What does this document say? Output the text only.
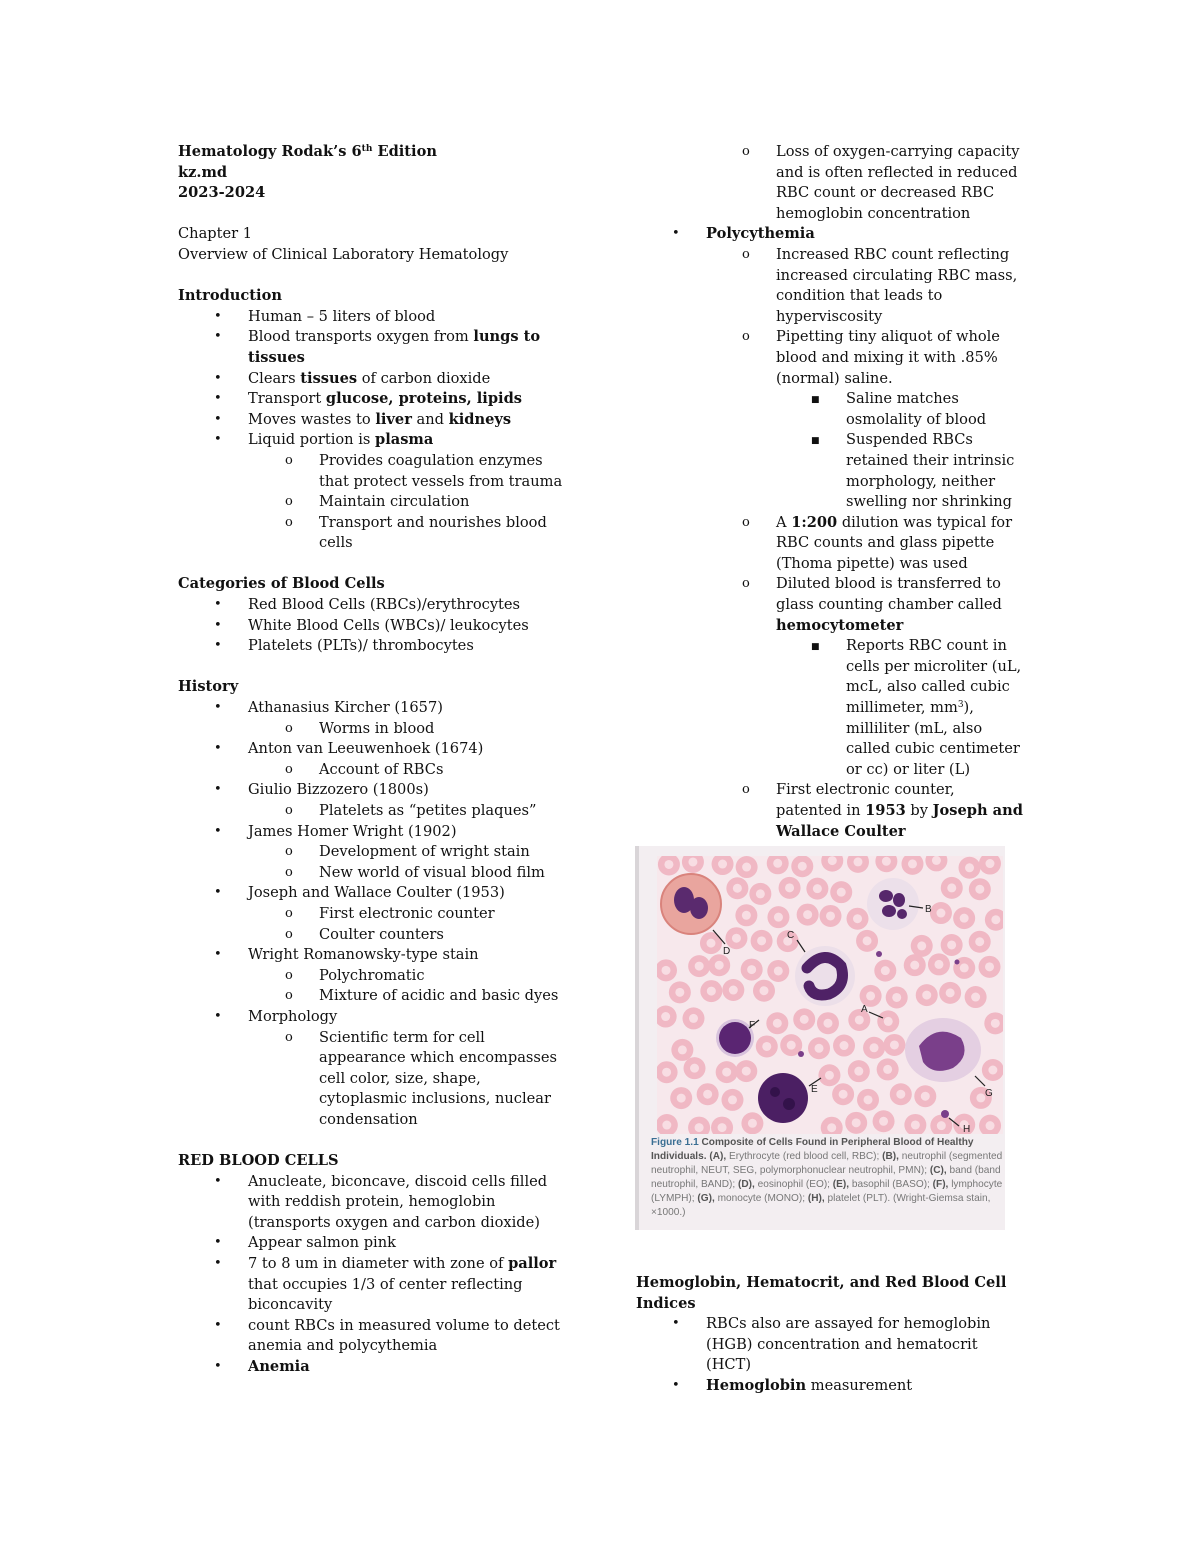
Hematology Rodak’s 6th Edition
kz.md
2023-2024
Chapter 1
Overview of Clinical Laboratory Hematology
Introduction
• Human – 5 liters of blood
• Blood transports oxygen from lungs to
tissues
• Clears tissues of carbon dioxide
• Transport glucose, proteins, lipids
• Moves wastes to liver and kidneys
• Liquid portion is plasma
o Provides coagulation enzymes
that protect vessels from trauma
o Maintain circulation
o Transport and nourishes blood
cells
Categories of Blood Cells
• Red Blood Cells (RBCs)/erythrocytes
• White Blood Cells (WBCs)/ leukocytes
• Platelets (PLTs)/ thrombocytes
History
• Athanasius Kircher (1657)
o Worms in blood
• Anton van Leeuwenhoek (1674)
o Account of RBCs
• Giulio Bizzozero (1800s)
o Platelets as “petites plaques”
• James Homer Wright (1902)
o Development of wright stain
o New world of visual blood film
• Joseph and Wallace Coulter (1953)
o First electronic counter
o Coulter counters
• Wright Romanowsky-type stain
o Polychromatic
o Mixture of acidic and basic dyes
• Morphology
o Scientific term for cell
appearance which encompasses
cell color, size, shape,
cytoplasmic inclusions, nuclear
condensation
RED BLOOD CELLS
• Anucleate, biconcave, discoid cells filled
with reddish protein, hemoglobin
(transports oxygen and carbon dioxide)
• Appear salmon pink
• 7 to 8 um in diameter with zone of pallor
that occupies 1/3 of center reflecting
biconcavity
• count RBCs in measured volume to detect
anemia and polycythemia
• Anemia
o Loss of oxygen-carrying capacity
and is often reflected in reduced
RBC count or decreased RBC
hemoglobin concentration
• Polycythemia
o Increased RBC count reflecting
increased circulating RBC mass,
condition that leads to
hyperviscosity
o Pipetting tiny aliquot of whole
blood and mixing it with .85%
(normal) saline.
■ Saline matches
osmolality of blood
■ Suspended RBCs
retained their intrinsic
morphology, neither
swelling nor shrinking
o A 1:200 dilution was typical for
RBC counts and glass pipette
(Thoma pipette) was used
o Diluted blood is transferred to
glass counting chamber called
hemocytometer
■ Reports RBC count in
cells per microliter (uL,
mcL, also called cubic
millimeter, $mm^3$),
milliliter (mL, also
called cubic centimeter
or cc) or liter (L)
o First electronic counter,
patented in 1953 by Joseph and
Wallace Coulter
B
C
D
A
F
E	G
H
Figure 1.1 Composite of Cells Found in Peripheral Blood of Healthy Individuals. (A), Erythrocyte (red blood cell, RBC); (B), neutrophil (segmented neutrophil, NEUT, SEG, polymorphonuclear neutrophil, PMN); (C), band (band neutrophil, BAND); (D), eosinophil (EO); (E), basophil (BASO); (F), lymphocyte (LYMPH); (G), monocyte (MONO); (H), platelet (PLT). (Wright-Giemsa stain, ×1000.)
Hemoglobin, Hematocrit, and Red Blood Cell
Indices
• RBCs also are assayed for hemoglobin
(HGB) concentration and hematocrit
(HCT)
• Hemoglobin measurement
